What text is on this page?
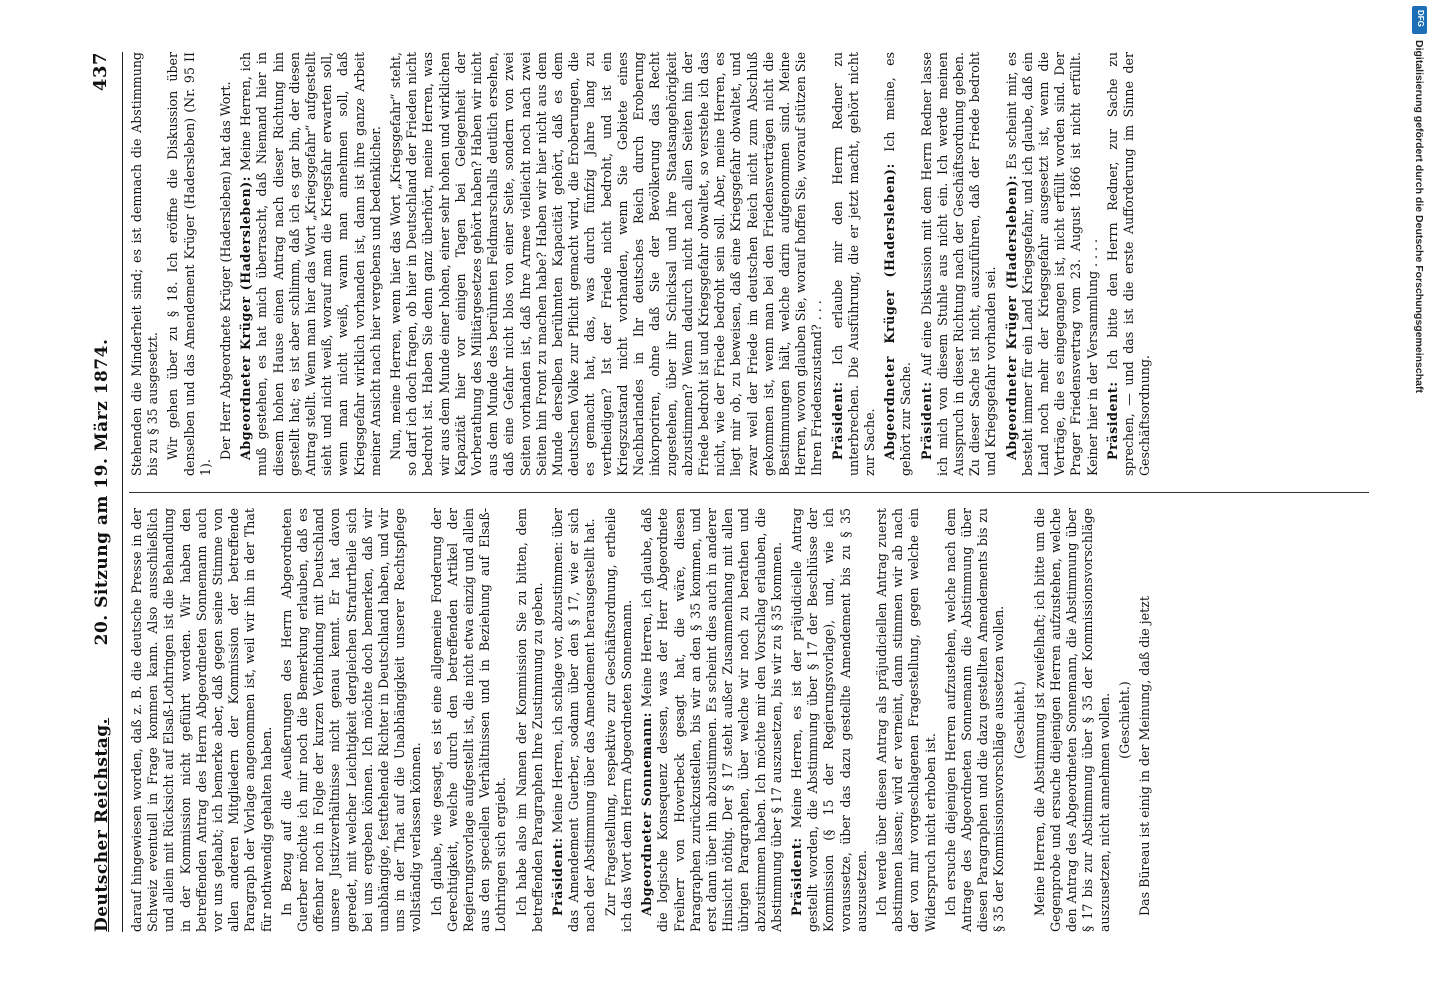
Deutscher Reichstag.
20. Sitzung am 19. März 1874.
437

darauf hingewiesen worden, daß z. B. die deutsche Presse in der Schweiz eventuell in Frage kommen kann. Also ausschließlich und allein mit Rücksicht auf Elsaß-Lothringen ist die Behandlung in der Kommission nicht geführt worden. Wir haben den betreffenden Antrag des Herrn Abgeordneten Sonnemann auch vor uns gehabt; ich bemerke aber, daß gegen seine Stimme von allen anderen Mitgliedern der Kommission der betreffende Paragraph der Vorlage angenommen ist, weil wir ihn in der That für nothwendig gehalten haben. In Bezug auf die Aeußerungen des Herrn Abgeordneten Guerber möchte ich mir noch die Bemerkung erlauben, daß es offenbar noch in Folge der kurzen Verbindung mit Deutschland unsere Justizverhältnisse nicht genau kennt. Er hat davon geredet, mit welcher Leichtigkeit dergleichen Strafurtheile sich bei uns ergeben können. Ich möchte doch bemerken, daß wir unabhängige, festftehende Richter in Deutschland haben, und wir uns in der That auf die Unabhängigkeit unserer Rechtspflege vollständig verlassen können. Ich glaube, wie gesagt, es ist eine allgemeine Forderung der Gerechtigkeit, welche durch den betreffenden Artikel der Regierungsvorlage aufgestellt ist, die nicht etwa einzig und allein aus den speciellen Verhältnissen und in Beziehung auf Elsaß-Lothringen sich ergiebt. Ich habe also im Namen der Kommission Sie zu bitten, dem betreffenden Paragraphen Ihre Zustimmung zu geben. Präsident: Meine Herren, ich schlage vor, abzustimmen: über das Amendement Guerber, sodann über den § 17, wie er sich nach der Abstimmung über das Amendement herausgestellt hat. Zur Fragestellung, respektive zur Geschäftsordnung, ertheile ich das Wort dem Herrn Abgeordneten Sonnemann. Abgeordneter Sonnemann: Meine Herren, ich glaube, daß die logische Konsequenz dessen, was der Herr Abgeordnete Freiherr von Hoverbeck gesagt hat, die wäre, diesen Paragraphen zurückzustellen, bis wir an den § 35 kommen, und erst dann über ihn abzustimmen. Es scheint dies auch in anderer Hinsicht nöthig. Der § 17 steht außer Zusammenhang mit allen übrigen Paragraphen, über welche wir noch zu berathen und abzustimmen haben. Ich möchte mir den Vorschlag erlauben, die Abstimmung über § 17 auszusetzen, bis wir zu § 35 kommen. Präsident: Meine Herren, es ist der präjudicielle Antrag gestellt worden, die Abstimmung über § 17 der Beschlüsse der Kommission (§ 15 der Regierungsvorlage), und, wie ich voraussetze, über das dazu gestellte Amendement bis zu § 35 auszusetzen. Ich werde über diesen Antrag als präjudiciellen Antrag zuerst abstimmen lassen; wird er verneint, dann stimmen wir ab nach der von mir vorgeschlagenen Fragestellung, gegen welche ein Widerspruch nicht erhoben ist. Ich ersuche diejenigen Herren aufzustehen, welche nach dem Antrage des Abgeordneten Sonnemann die Abstimmung über diesen Paragraphen und die dazu gestellten Amendements bis zu § 35 der Kommissionsvorschläge aussetzen wollen. (Geschieht.) Meine Herren, die Abstimmung ist zweifelhaft; ich bitte um die Gegenprobe und ersuche diejenigen Herren aufzustehen, welche den Antrag des Abgeordneten Sonnemann, die Abstimmung über § 17 bis zur Abstimmung über § 35 der Kommissionsvorschläge auszusetzen, nicht annehmen wollen. (Geschieht.) Das Büreau ist einig in der Meinung, daß die jetzt

Stehenden die Minderheit sind; es ist demnach die Abstimmung bis zu § 35 ausgesetzt. Wir gehen über zu § 18. Ich eröffne die Diskussion über denselben und das Amendement Krüger (Hadersleben) (Nr. 95 II 1).

Der Herr Abgeordnete Krüger (Hadersleben) hat das Wort. Abgeordneter Krüger (Hadersleben): Meine Herren, ich muß gestehen, es hat mich überrascht, daß Niemand hier in diesem hohen Hause einen Antrag nach dieser Richtung hin gestellt hat; es ist aber schlimm, daß ich es gar bin, der diesen Antrag stellt. Wenn man hier das Wort „Kriegsgefahr“ aufgestellt sieht und nicht weiß, worauf man die Kriegsfahr erwarten soll, wenn man nicht weiß, wann man annehmen soll, daß Kriegsgefahr wirklich vorhanden ist, dann ist ihre ganze Arbeit meiner Ansicht nach hier vergebens und bedenklicher. Nun, meine Herren, wenn hier das Wort „Kriegsgefahr“ steht, so darf ich doch fragen, ob hier in Deutschland der Frieden nicht bedroht ist. Haben Sie denn ganz überhört, meine Herren, was wir aus dem Munde einer hohen, einer sehr hohen und wirklichen Kapazität hier vor einigen Tagen bei Gelegenheit der Vorberathung des Militärgesetzes gehört haben? Haben wir nicht aus dem Munde des berühmten Feldmarschalls deutlich ersehen, daß eine Gefahr nicht blos von einer Seite, sondern von zwei Seiten vorhanden ist, daß Ihre Armee vielleicht noch nach zwei Seiten hin Front zu machen habe? Haben wir hier nicht aus dem Munde derselben berühmten Kapacität gehört, daß es dem deutschen Volke zur Pflicht gemacht wird, die Eroberungen, die es gemacht hat, das, was durch fünfzig Jahre lang zu vertheidigen? Ist der Friede nicht bedroht, und ist ein Kriegszustand nicht vorhanden, wenn Sie Gebiete eines Nachbarlandes in Ihr deutsches Reich durch Eroberung inkorporiren, ohne daß Sie der Bevölkerung das Recht zugestehen, über ihr Schicksal und ihre Staatsangehörigkeit abzustimmen? Wenn dadurch nicht nach allen Seiten hin der Friede bedroht ist und Kriegsgefahr obwaltet, so verstehe ich das nicht, wie der Friede bedroht sein soll. Aber, meine Herren, es liegt mir ob, zu beweisen, daß eine Kriegsgefahr obwaltet, und zwar weil der Friede im deutschen Reich nicht zum Abschluß gekommen ist, wenn man bei den Friedensverträgen nicht die Bestimmungen hält, welche darin aufgenommen sind. Meine Herren, wovon glauben Sie, worauf hoffen Sie, worauf stützen Sie Ihren Friedenszustand? . . . Präsident: Ich erlaube mir den Herrn Redner zu unterbrechen. Die Ausführung, die er jetzt macht, gehört nicht zur Sache. Abgeordneter Krüger (Hadersleben): Ich meine, es gehört zur Sache. Präsident: Auf eine Diskussion mit dem Herrn Redner lasse ich mich von diesem Stuhle aus nicht ein. Ich werde meinen Ausspruch in dieser Richtung nach der Geschäftsordnung geben. Zu dieser Sache ist nicht, auszuführen, daß der Friede bedroht und Kriegsgefahr vorhanden sei. Abgeordneter Krüger (Hadersleben): Es scheint mir, es besteht immer für ein Land Kriegsgefahr, und ich glaube, daß ein Land noch mehr der Kriegsgefahr ausgesetzt ist, wenn die Verträge, die es eingegangen ist, nicht erfüllt worden sind. Der Prager Friedensvertrag vom 23. August 1866 ist nicht erfüllt. Keiner hier in der Versammlung . . . . Präsident: Ich bitte den Herrn Redner, zur Sache zu sprechen, — und das ist die erste Aufforderung im Sinne der Geschäftsordnung.

DFG
Digitalisierung gefördert durch die Deutsche Forschungsgemeinschaft
